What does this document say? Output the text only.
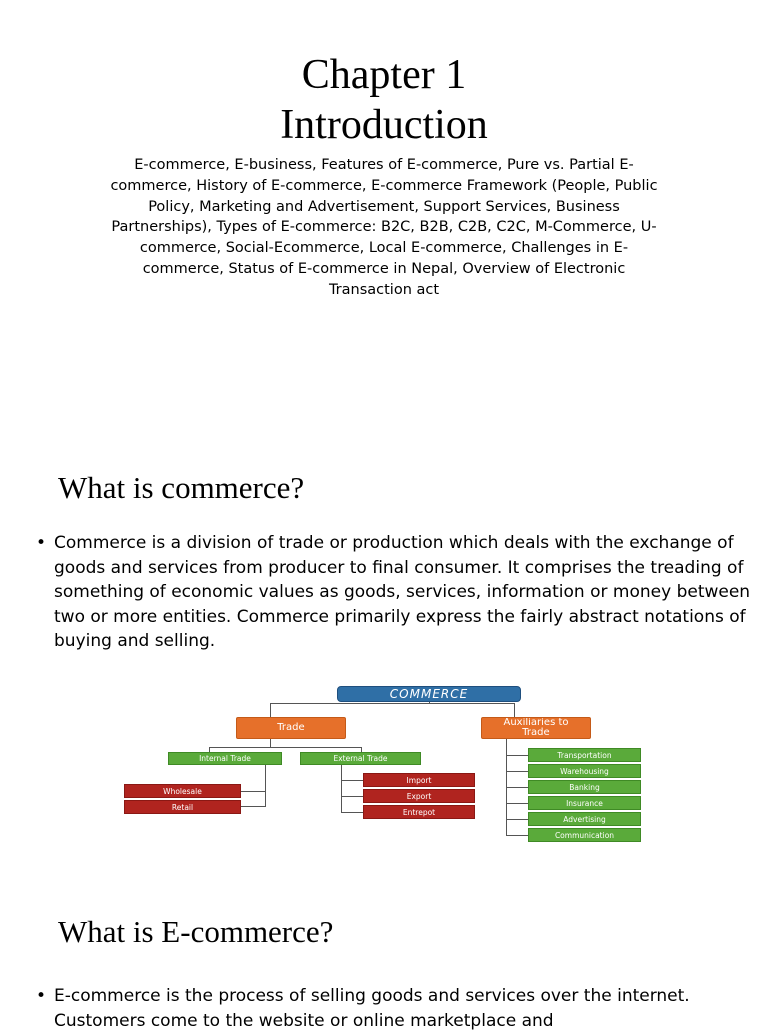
Chapter 1
Introduction
E-commerce, E-business, Features of E-commerce, Pure vs. Partial E-commerce, History of E-commerce, E-commerce Framework (People, Public Policy, Marketing and Advertisement, Support Services, Business Partnerships), Types of E-commerce: B2C, B2B, C2B, C2C, M-Commerce, U-commerce, Social-Ecommerce, Local E-commerce, Challenges in E-commerce, Status of E-commerce in Nepal, Overview of Electronic Transaction act
What is commerce?
• Commerce is a division of trade or production which deals with the exchange of goods and services from producer to final consumer. It comprises the treading of something of economic values as goods, services, information or money between two or more entities. Commerce primarily express the fairly abstract notations of buying and selling.
COMMERCE
Trade	Auxiliaries to Trade
Internal Trade	External Trade
Wholesale
Retail
Import
Export
Entrepot
Transportation
Warehousing
Banking
Insurance
Advertising
Communication
What is E-commerce?
• E-commerce is the process of selling goods and services over the internet. Customers come to the website or online marketplace and
